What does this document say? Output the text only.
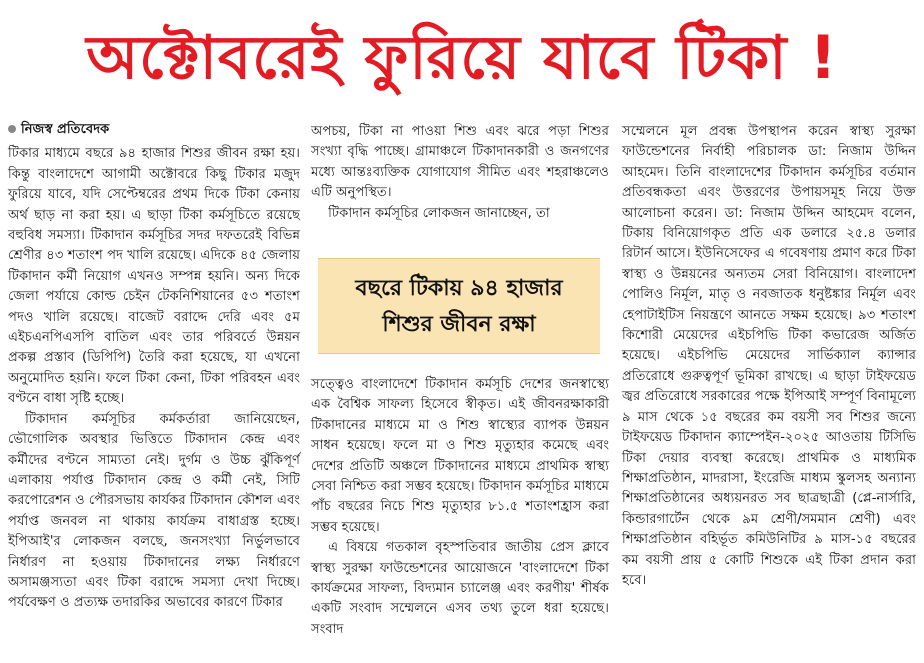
অক্টোবরেই ফুরিয়ে যাবে টিকা !
নিজস্ব প্রতিবেদক

টিকার মাধ্যমে বছরে ৯৪ হাজার শিশুর জীবন রক্ষা হয়। কিন্তু বাংলাদেশে আগামী অক্টোবরে কিছু টিকার মজুদ ফুরিয়ে যাবে, যদি সেপ্টেম্বরের প্রথম দিকে টিকা কেনায় অর্থ ছাড় না করা হয়। এ ছাড়া টিকা কর্মসূচিতে রয়েছে বহুবিধ সমস্যা। টিকাদান কর্মসূচির সদর দফতরেই বিভিন্ন শ্রেণীর ৪৩ শতাংশ পদ খালি রয়েছে। এদিকে ৪৫ জেলায় টিকাদান কর্মী নিয়োগ এখনও সম্পন্ন হয়নি। অন্য দিকে জেলা পর্যায়ে কোল্ড চেইন টেকনিশিয়ানের ৫৩ শতাংশ পদও খালি রয়েছে। বাজেট বরাদ্দে দেরি এবং ৫ম এইচএনপিএসপি বাতিল এবং তার পরিবর্তে উন্নয়ন প্রকল্প প্রস্তাব (ডিপিপি) তৈরি করা হয়েছে, যা এখনো অনুমোদিত হয়নি। ফলে টিকা কেনা, টিকা পরিবহন এবং বণ্টনে বাধা সৃষ্টি হচ্ছে।

টিকাদান কর্মসূচির কর্মকর্তারা জানিয়েছেন, ভৌগোলিক অবস্থার ভিত্তিতে টিকাদান কেন্দ্র এবং কর্মীদের বণ্টনে সাম্যতা নেই। দুর্গম ও উচ্চ ঝুঁকিপূর্ণ এলাকায় পর্যাপ্ত টিকাদান কেন্দ্র ও কর্মী নেই, সিটি করপোরেশন ও পৌরসভায় কার্যকর টিকাদান কৌশল এবং পর্যাপ্ত জনবল না থাকায় কার্যক্রম বাধাগ্রস্ত হচ্ছে। ইপিআই'র লোকজন বলছে, জনসংখ্যা নির্ভুলভাবে নির্ধারণ না হওয়ায় টিকাদানের লক্ষ্য নির্ধারণে অসামঞ্জস্যতা এবং টিকা বরাদ্দে সমস্যা দেখা দিচ্ছে। পর্যবেক্ষণ ও প্রত্যক্ষ তদারকির অভাবের কারণে টিকার

অপচয়, টিকা না পাওয়া শিশু এবং ঝরে পড়া শিশুর সংখ্যা বৃদ্ধি পাচ্ছে। গ্রামাঞ্চলে টিকাদানকারী ও জনগণের মধ্যে আন্তঃব্যক্তিক যোগাযোগ সীমিত এবং শহরাঞ্চলেও এটি অনুপস্থিত।

টিকাদান কর্মসূচির লোকজন জানাচ্ছেন, তা

বছরে টিকায় ৯৪ হাজার
শিশুর জীবন রক্ষা

সত্ত্বেও বাংলাদেশে টিকাদান কর্মসূচি দেশের জনস্বাস্থ্যে এক বৈশ্বিক সাফল্য হিসেবে স্বীকৃত। এই জীবনরক্ষাকারী টিকাদানের মাধ্যমে মা ও শিশু স্বাস্থ্যের ব্যাপক উন্নয়ন সাধন হয়েছে। ফলে মা ও শিশু মৃত্যুহার কমেছে এবং দেশের প্রতিটি অঞ্চলে টিকাদানের মাধ্যমে প্রাথমিক স্বাস্থ্য সেবা নিশ্চিত করা সম্ভব হয়েছে। টিকাদান কর্মসূচির মাধ্যমে পাঁচ বছরের নিচে শিশু মৃত্যুহার ৮১.৫ শতাংশহ্রাস করা সম্ভব হয়েছে।

এ বিষয়ে গতকাল বৃহস্পতিবার জাতীয় প্রেস ক্লাবে স্বাস্থ্য সুরক্ষা ফাউন্ডেশনের আয়োজনে 'বাংলাদেশে টিকা কার্যক্রমের সাফল্য, বিদ্যমান চ্যালেঞ্জ এবং করণীয়' শীর্ষক একটি সংবাদ সম্মেলনে এসব তথ্য তুলে ধরা হয়েছে। সংবাদ

সম্মেলনে মূল প্রবন্ধ উপস্থাপন করেন স্বাস্থ্য সুরক্ষা ফাউন্ডেশনের নির্বাহী পরিচালক ডা: নিজাম উদ্দিন আহমেদ। তিনি বাংলাদেশের টিকাদান কর্মসূচির বর্তমান প্রতিবন্ধকতা এবং উত্তরণের উপায়সমূহ নিয়ে উক্ত আলোচনা করেন। ডা: নিজাম উদ্দিন আহমেদ বলেন, টিকায় বিনিয়োগকৃত প্রতি এক ডলারে ২৫.৪ ডলার রিটার্ন আসে। ইউনিসেফের এ গবেষণায় প্রমাণ করে টিকা স্বাস্থ্য ও উন্নয়নের অন্যতম সেরা বিনিয়োগ। বাংলাদেশ পোলিও নির্মূল, মাতৃ ও নবজাতক ধনুষ্টঙ্কার নির্মূল এবং হেপাটাইটিস নিয়ন্ত্রণে আনতে সক্ষম হয়েছে। ৯৩ শতাংশ কিশোরী মেয়েদের এইচপিভি টিকা কভারেজ অর্জিত হয়েছে। এইচপিভি মেয়েদের সার্ভিক্যাল ক্যান্সার প্রতিরোধে গুরুত্বপূর্ণ ভূমিকা রাখছে। এ ছাড়া টাইফয়েড জ্বর প্রতিরোধে সরকারের পক্ষে ইপিআই সম্পূর্ণ বিনামূল্যে ৯ মাস থেকে ১৫ বছরের কম বয়সী সব শিশুর জন্যে টাইফয়েড টিকাদান ক্যাম্পেইন-২০২৫ আওতায় টিসিভি টিকা দেয়ার ব্যবস্থা করেছে। প্রাথমিক ও মাধ্যমিক শিক্ষাপ্রতিষ্ঠান, মাদরাসা, ইংরেজি মাধ্যম স্কুলসহ অন্যান্য শিক্ষাপ্রতিষ্ঠানের অধ্যয়নরত সব ছাত্রছাত্রী (প্লে-নার্সারি, কিন্ডারগার্টেন থেকে ৯ম শ্রেণী/সমমান শ্রেণী) এবং শিক্ষাপ্রতিষ্ঠান বহির্ভূত কমিউনিটির ৯ মাস-১৫ বছরের কম বয়সী প্রায় ৫ কোটি শিশুকে এই টিকা প্রদান করা হবে।
